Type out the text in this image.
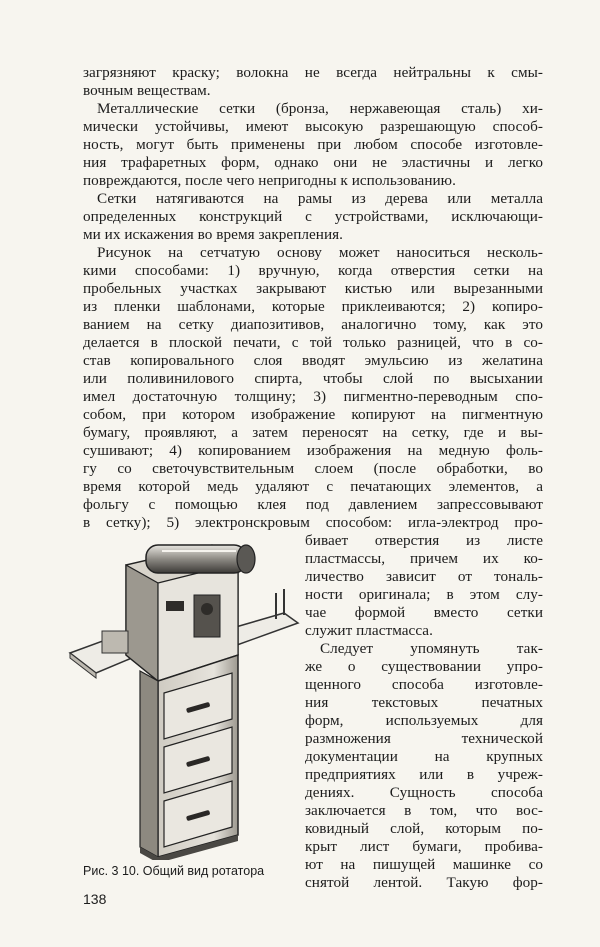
загрязняют краску; волокна не всегда нейтральны к смы-
вочным веществам.
Металлические сетки (бронза, нержавеющая сталь) хи-
мически устойчивы, имеют высокую разрешающую способ-
ность, могут быть применены при любом способе изготовле-
ния трафаретных форм, однако они не эластичны и легко
повреждаются, после чего непригодны к использованию.
Сетки натягиваются на рамы из дерева или металла
определенных конструкций с устройствами, исключающи-
ми их искажения во время закрепления.
Рисунок на сетчатую основу может наноситься несколь-
кими способами: 1) вручную, когда отверстия сетки на
пробельных участках закрывают кистью или вырезанными
из пленки шаблонами, которые приклеиваются; 2) копиро-
ванием на сетку диапозитивов, аналогично тому, как это
делается в плоской печати, с той только разницей, что в со-
став копировального слоя вводят эмульсию из желатина
или поливинилового спирта, чтобы слой по высыхании
имел достаточную толщину; 3) пигментно-переводным спо-
собом, при котором изображение копируют на пигментную
бумагу, проявляют, а затем переносят на сетку, где и вы-
сушивают; 4) копированием изображения на медную фоль-
гу со светочувствительным слоем (после обработки, во
время которой медь удаляют с печатающих элементов, а
фольгу с помощью клея под давлением запрессовывают
в сетку); 5) электронскровым способом: игла-электрод про-
бивает отверстия из листе
пластмассы, причем их ко-
личество зависит от тональ-
ности оригинала; в этом слу-
чае формой вместо сетки
служит пластмасса.
Следует упомянуть так-
же о существовании упро-
щенного способа изготовле-
ния текстовых печатных
форм, используемых для
размножения технической
документации на крупных
предприятиях или в учреж-
дениях. Сущность способа
заключается в том, что вос-
ковидный слой, которым по-
крыт лист бумаги, пробива-
ют на пишущей машинке со
снятой лентой. Такую фор-
Рис. 3 10. Общий вид ротатора
138
